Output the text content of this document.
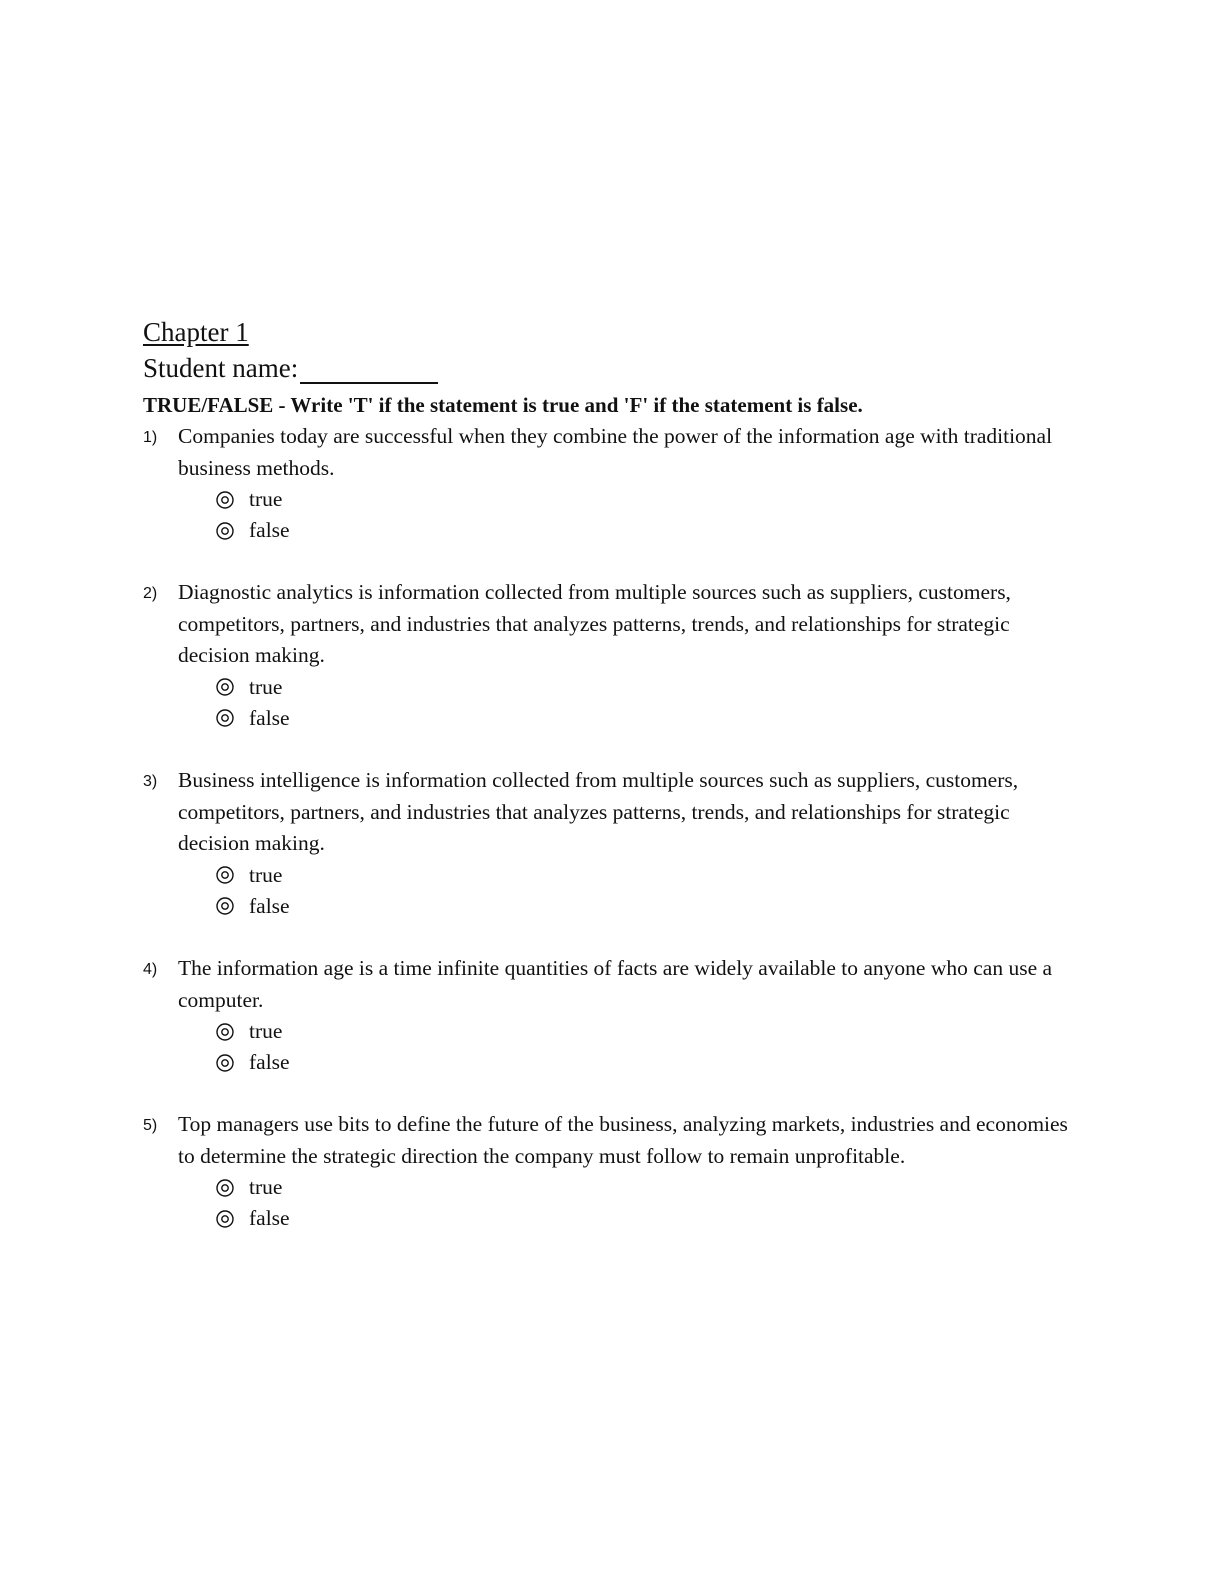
Chapter 1
Student name:
TRUE/FALSE - Write 'T' if the statement is true and 'F' if the statement is false.
1) Companies today are successful when they combine the power of the information age with traditional business methods.
true
false
2) Diagnostic analytics is information collected from multiple sources such as suppliers, customers, competitors, partners, and industries that analyzes patterns, trends, and relationships for strategic decision making.
true
false
3) Business intelligence is information collected from multiple sources such as suppliers, customers, competitors, partners, and industries that analyzes patterns, trends, and relationships for strategic decision making.
true
false
4) The information age is a time infinite quantities of facts are widely available to anyone who can use a computer.
true
false
5) Top managers use bits to define the future of the business, analyzing markets, industries and economies to determine the strategic direction the company must follow to remain unprofitable.
true
false
